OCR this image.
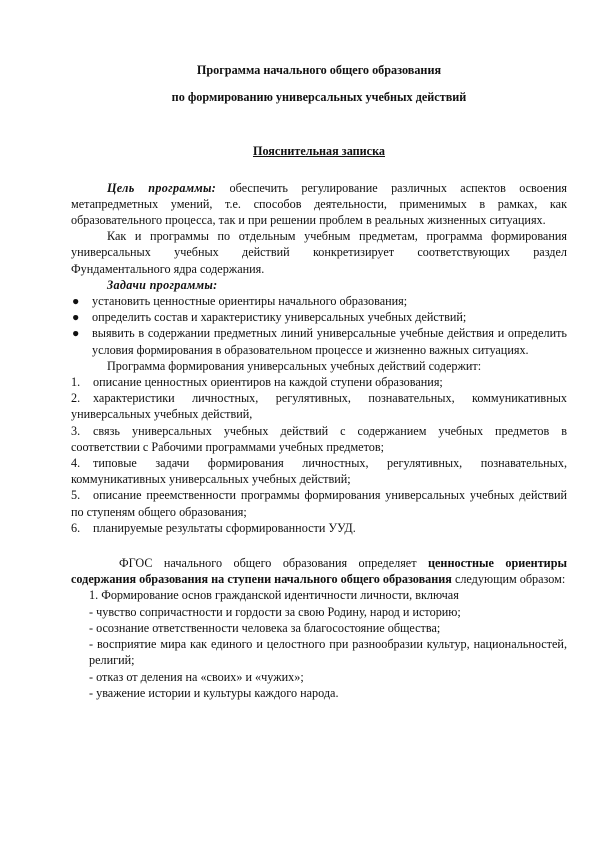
Программа начального общего образования
по формированию универсальных учебных действий
Пояснительная записка

Цель программы: обеспечить регулирование различных аспектов освоения метапредметных умений, т.е. способов деятельности, применимых в рамках, как образовательного процесса, так и при решении проблем в реальных жизненных ситуациях.

Как и программы по отдельным учебным предметам, программа формирования универсальных учебных действий конкретизирует соответствующих раздел Фундаментального ядра содержания.

Задачи программы:
● установить ценностные ориентиры начального образования;
● определить состав и характеристику универсальных учебных действий;
● выявить в содержании предметных линий универсальные учебные действия и определить условия формирования в образовательном процессе и жизненно важных ситуациях.

Программа формирования универсальных учебных действий содержит:

1. описание ценностных ориентиров на каждой ступени образования;
2. характеристики личностных, регулятивных, познавательных, коммуникативных универсальных учебных действий,
3. связь универсальных учебных действий с содержанием учебных предметов в соответствии с Рабочими программами учебных предметов;
4. типовые задачи формирования личностных, регулятивных, познавательных, коммуникативных универсальных учебных действий;
5. описание преемственности программы формирования универсальных учебных действий по ступеням общего образования;
6. планируемые результаты сформированности УУД.

ФГОС начального общего образования определяет ценностные ориентиры содержания образования на ступени начального общего образования следующим образом:

1. Формирование основ гражданской идентичности личности, включая
- чувство сопричастности и гордости за свою Родину, народ и историю;
- осознание ответственности человека за благосостояние общества;

- восприятие мира как единого и целостного при разнообразии культур, национальностей, религий;

- отказ от деления на «своих» и «чужих»;
- уважение истории и культуры каждого народа.
